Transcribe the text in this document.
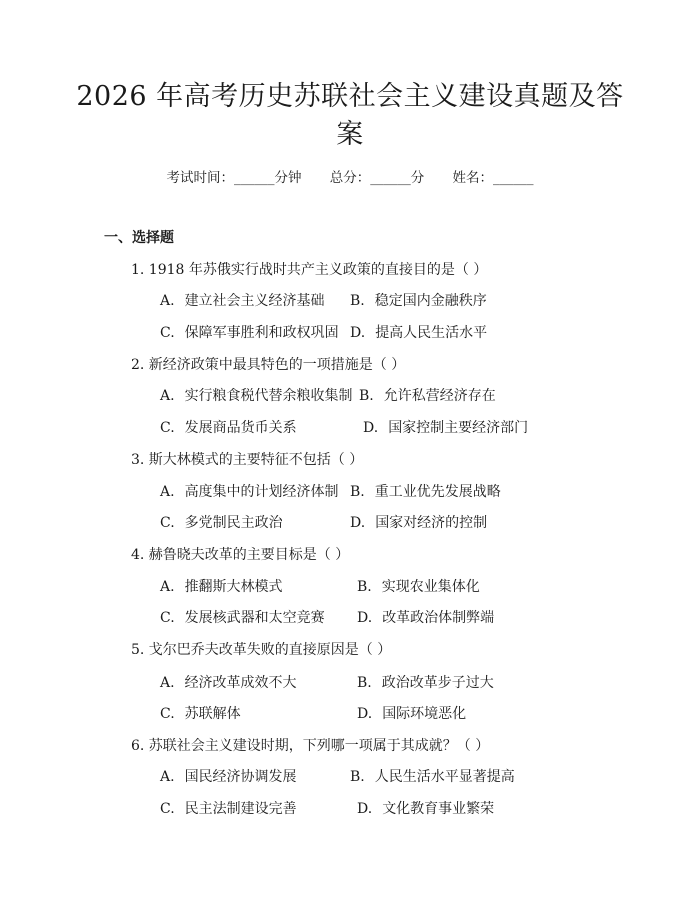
2026 年高考历史苏联社会主义建设真题及答
案
考试时间：______分钟 总分：______分 姓名：______
一、选择题
1. 1918 年苏俄实行战时共产主义政策的直接目的是（ ）
A. 建立社会主义经济基础 B. 稳定国内金融秩序
C. 保障军事胜利和政权巩固 D. 提高人民生活水平
2. 新经济政策中最具特色的一项措施是（ ）
A. 实行粮食税代替余粮收集制 B. 允许私营经济存在
C. 发展商品货币关系	D. 国家控制主要经济部门
3. 斯大林模式的主要特征不包括（ ）
A. 高度集中的计划经济体制 B. 重工业优先发展战略
C. 多党制民主政治	D. 国家对经济的控制
4. 赫鲁晓夫改革的主要目标是（ ）
A. 推翻斯大林模式	B. 实现农业集体化
C. 发展核武器和太空竞赛 D. 改革政治体制弊端
5. 戈尔巴乔夫改革失败的直接原因是（ ）
A. 经济改革成效不大	B. 政治改革步子过大
C. 苏联解体	D. 国际环境恶化
6. 苏联社会主义建设时期，下列哪一项属于其成就？（ ）
A. 国民经济协调发展	B. 人民生活水平显著提高
C. 民主法制建设完善	D. 文化教育事业繁荣
